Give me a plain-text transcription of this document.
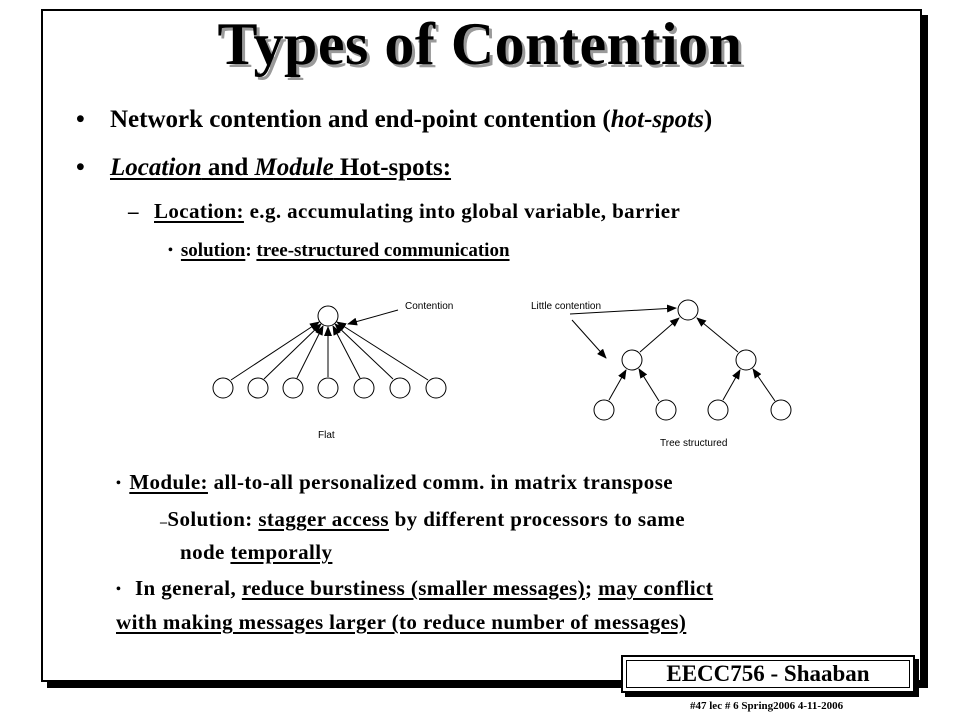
Types of Contention
• Network contention and end-point contention (hot-spots)
• Location and Module Hot-spots:
– Location: e.g. accumulating into global variable, barrier
• solution: tree-structured communication
Contention
Flat
Little contention
Tree structured
• Module: all-to-all personalized comm. in matrix transpose
–Solution: stagger access by different processors to same
node temporally
• In general, reduce burstiness (smaller messages); may conflict
with making messages larger (to reduce number of messages)
EECC756 - Shaaban
#47 lec # 6 Spring2006 4-11-2006
